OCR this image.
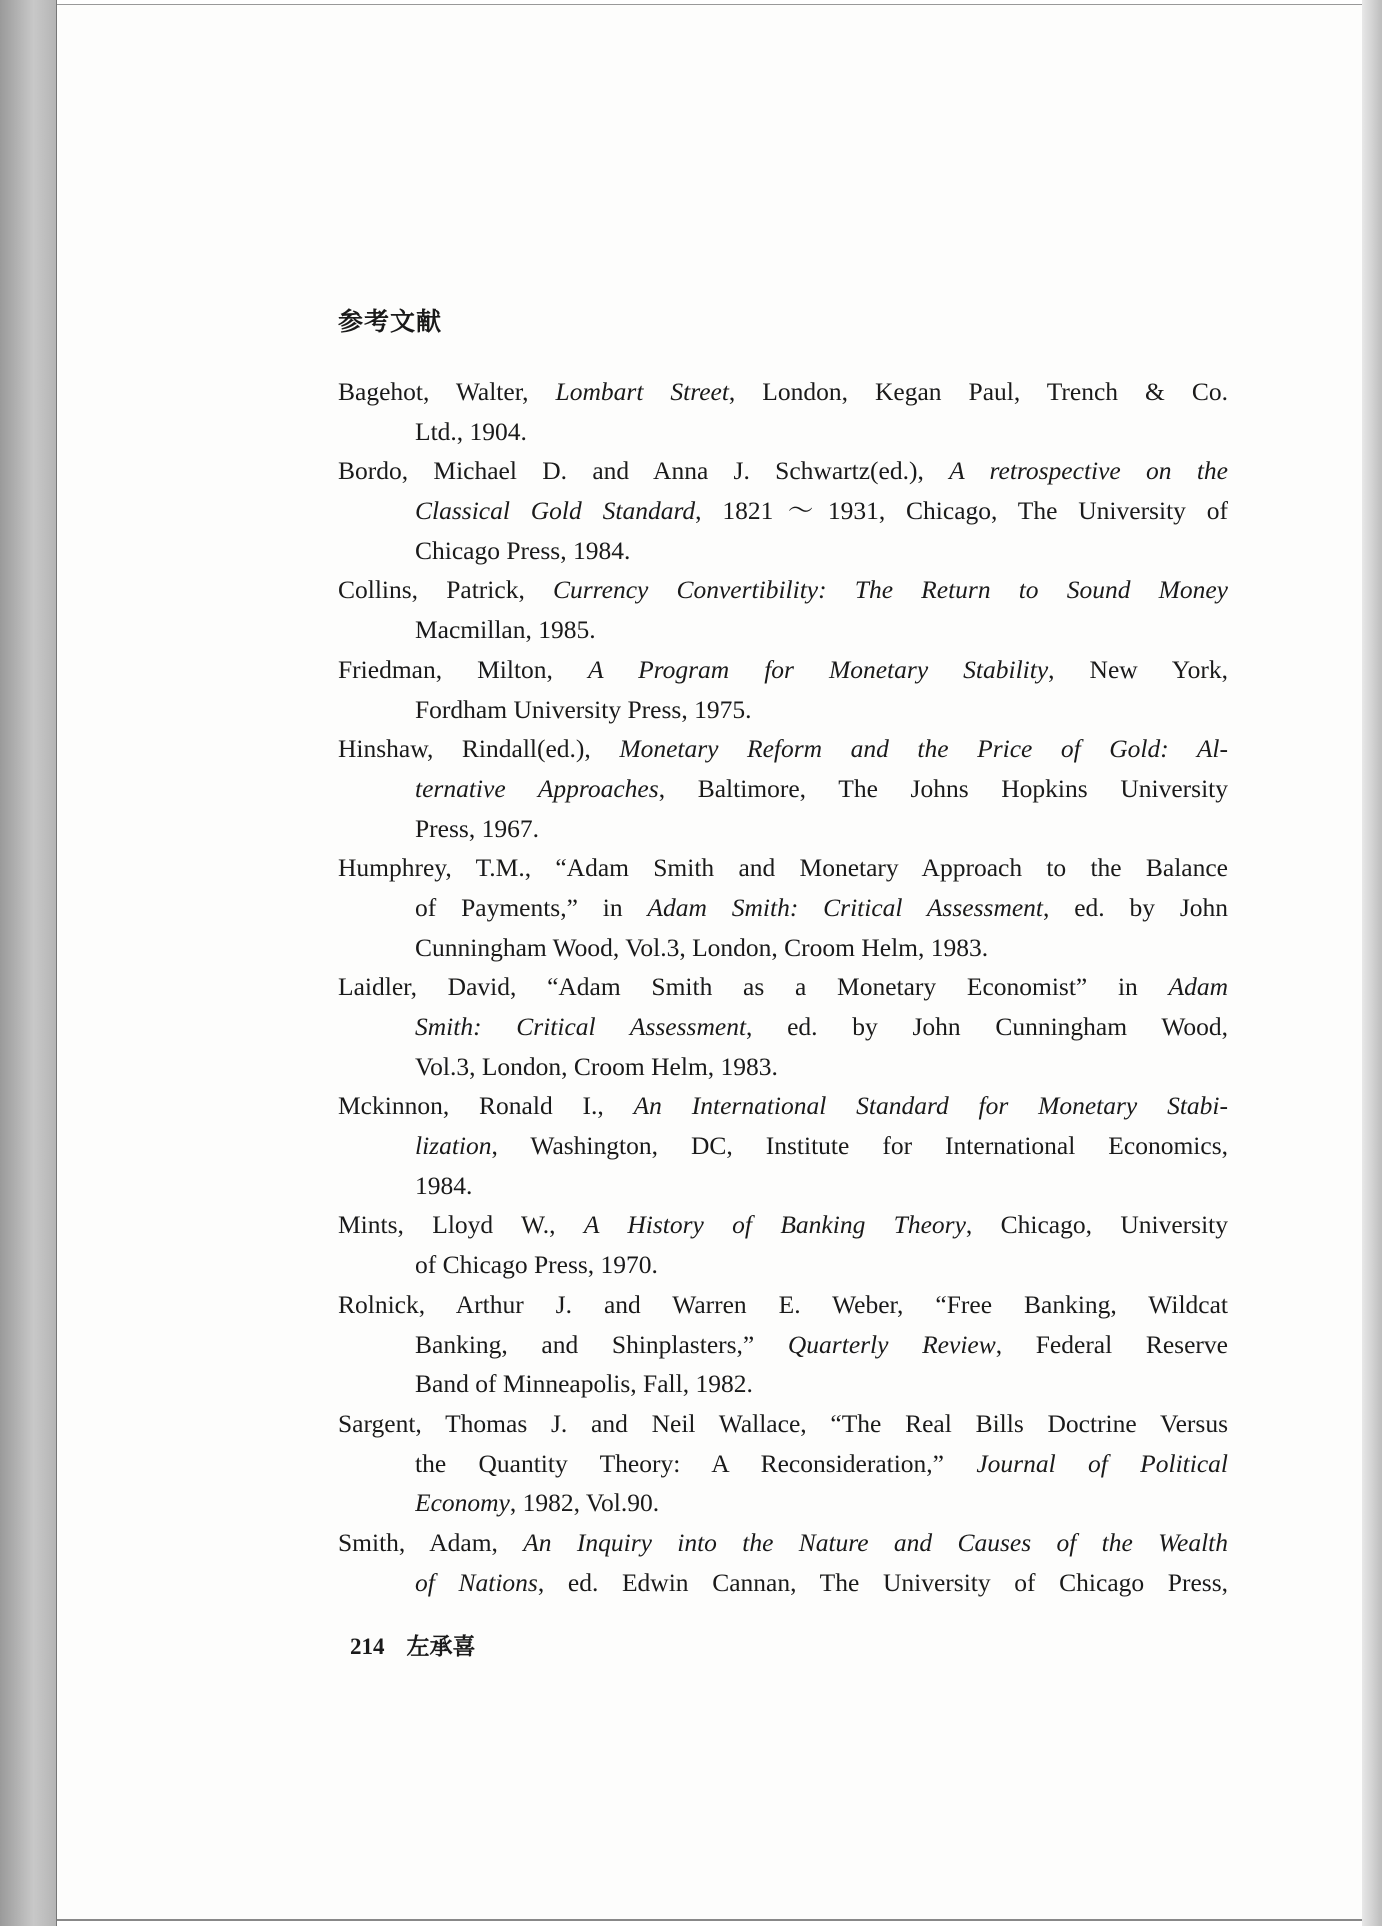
参考文献
Bagehot, Walter, Lombart Street, London, Kegan Paul, Trench & Co.
Ltd., 1904.
Bordo, Michael D. and Anna J. Schwartz(ed.), A retrospective on the
Classical Gold Standard, 1821～1931, Chicago, The University of
Chicago Press, 1984.
Collins, Patrick, Currency Convertibility: The Return to Sound Money
Macmillan, 1985.
Friedman, Milton, A Program for Monetary Stability, New York,
Fordham University Press, 1975.
Hinshaw, Rindall(ed.), Monetary Reform and the Price of Gold: Al-
ternative Approaches, Baltimore, The Johns Hopkins University
Press, 1967.
Humphrey, T.M., “Adam Smith and Monetary Approach to the Balance
of Payments,” in Adam Smith: Critical Assessment, ed. by John
Cunningham Wood, Vol.3, London, Croom Helm, 1983.
Laidler, David, “Adam Smith as a Monetary Economist” in Adam
Smith: Critical Assessment, ed. by John Cunningham Wood,
Vol.3, London, Croom Helm, 1983.
Mckinnon, Ronald I., An International Standard for Monetary Stabi-
lization, Washington, DC, Institute for International Economics,
1984.
Mints, Lloyd W., A History of Banking Theory, Chicago, University
of Chicago Press, 1970.
Rolnick, Arthur J. and Warren E. Weber, “Free Banking, Wildcat
Banking, and Shinplasters,” Quarterly Review, Federal Reserve
Band of Minneapolis, Fall, 1982.
Sargent, Thomas J. and Neil Wallace, “The Real Bills Doctrine Versus
the Quantity Theory: A Reconsideration,” Journal of Political
Economy, 1982, Vol.90.
Smith, Adam, An Inquiry into the Nature and Causes of the Wealth
of Nations, ed. Edwin Cannan, The University of Chicago Press,
214 左承喜
